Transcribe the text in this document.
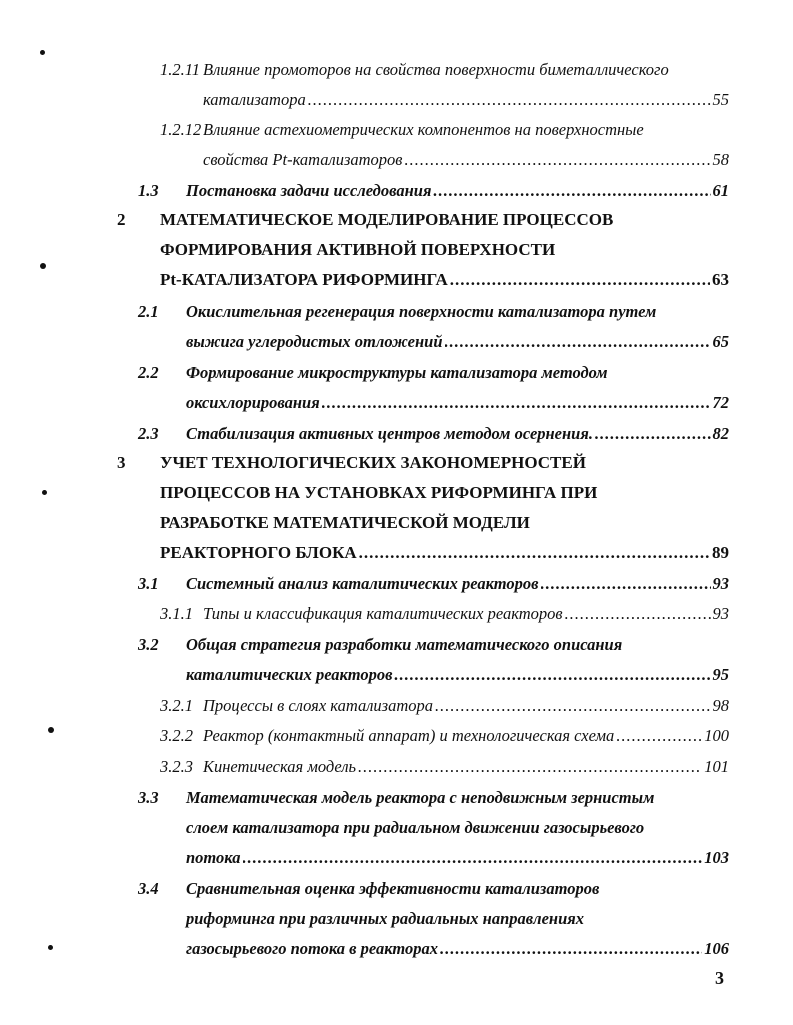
1.2.11 Влияние промоторов на свойства поверхности биметаллического
катализатора .....	55
1.2.12 Влияние астехиометрических компонентов на поверхностные
свойства Pt-катализаторов .....	58
1.3	Постановка задачи исследования .....	61
2	МАТЕМАТИЧЕСКОЕ МОДЕЛИРОВАНИЕ ПРОЦЕССОВ
ФОРМИРОВАНИЯ АКТИВНОЙ ПОВЕРХНОСТИ
Pt-КАТАЛИЗАТОРА РИФОРМИНГА .....	63
2.1	Окислительная регенерация поверхности катализатора путем
выжига углеродистых отложений .....	65
2.2	Формирование микроструктуры катализатора методом
оксихлорирования .....	72
2.3	Стабилизация активных центров методом осернения. .....	82
3	УЧЕТ ТЕХНОЛОГИЧЕСКИХ ЗАКОНОМЕРНОСТЕЙ
ПРОЦЕССОВ НА УСТАНОВКАХ РИФОРМИНГА ПРИ
РАЗРАБОТКЕ МАТЕМАТИЧЕСКОЙ МОДЕЛИ
РЕАКТОРНОГО БЛОКА .....	89
3.1	Системный анализ каталитических реакторов .....	93
3.1.1 Типы и классификация каталитических реакторов .....	93
3.2	Общая стратегия разработки математического описания
каталитических реакторов .....	95
3.2.1 Процессы в слоях катализатора .....	98
3.2.2 Реактор (контактный аппарат) и технологическая схема .....	100
3.2.3 Кинетическая модель .....	101
3.3	Математическая модель реактора с неподвижным зернистым
слоем катализатора при радиальном движении газосырьевого
потока .....	103
3.4	Сравнительная оценка эффективности катализаторов
риформинга при различных радиальных направлениях
газосырьевого потока в реакторах .....	106
3
